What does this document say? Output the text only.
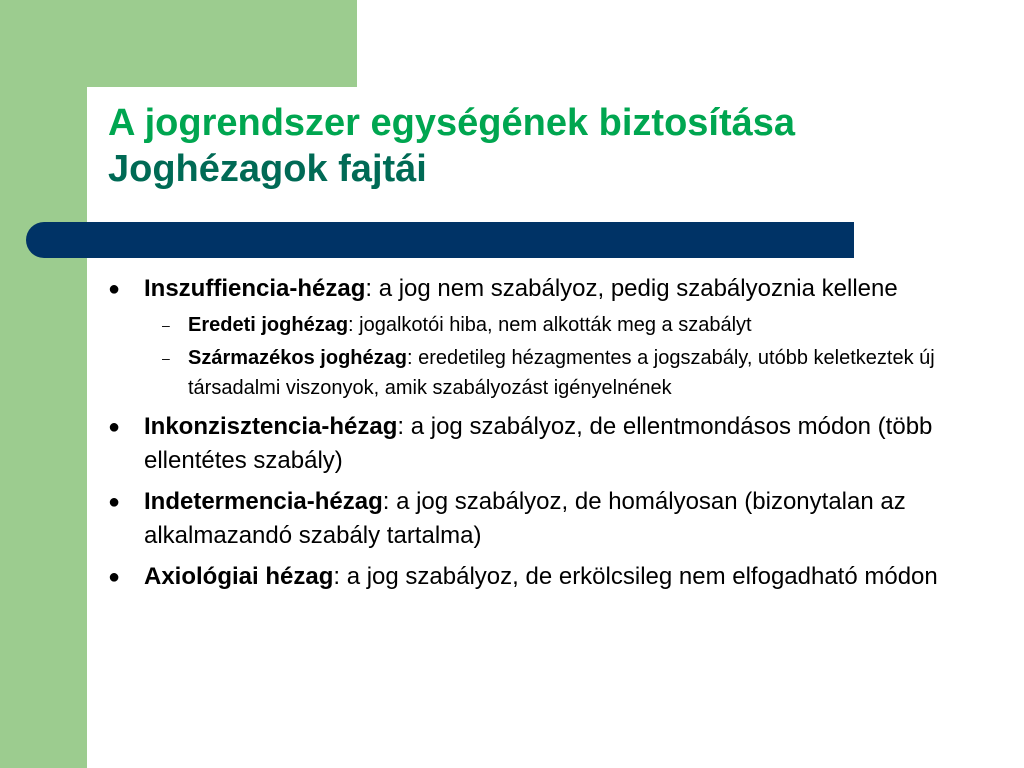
A jogrendszer egységének biztosítása
Joghézagok fajtái
● Inszuffiencia-hézag: a jog nem szabályoz, pedig szabályoznia kellene
– Eredeti joghézag: jogalkotói hiba, nem alkották meg a szabályt
– Származékos joghézag: eredetileg hézagmentes a jogszabály, utóbb keletkeztek új társadalmi viszonyok, amik szabályozást igényelnének
● Inkonzisztencia-hézag: a jog szabályoz, de ellentmondásos módon (több ellentétes szabály)
● Indetermencia-hézag: a jog szabályoz, de homályosan (bizonytalan az alkalmazandó szabály tartalma)
● Axiológiai hézag: a jog szabályoz, de erkölcsileg nem elfogadható módon
